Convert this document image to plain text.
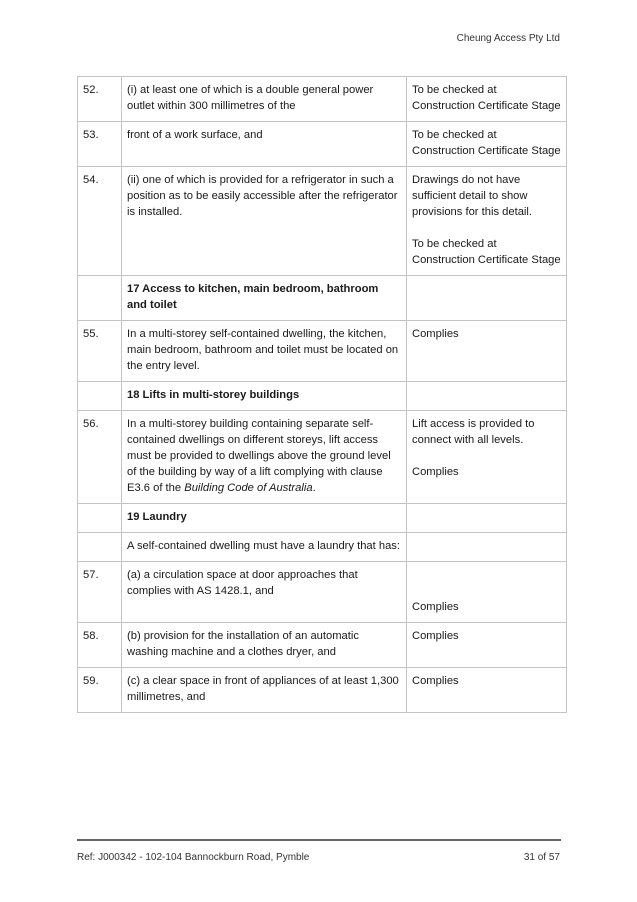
Cheung Access Pty Ltd
52.	(i) at least one of which is a double general power outlet within 300 millimetres of the	To be checked at Construction Certificate Stage

53.	front of a work surface, and	To be checked at Construction Certificate Stage

54.	(ii) one of which is provided for a refrigerator in such a position as to be easily accessible after the refrigerator is installed.	Drawings do not have sufficient detail to show provisions for this detail.
To be checked at Construction Certificate Stage

	17 Access to kitchen, main bedroom, bathroom and toilet	
55.	In a multi-storey self-contained dwelling, the kitchen, main bedroom, bathroom and toilet must be located on the entry level.	Complies

	18 Lifts in multi-storey buildings	
56.	In a multi-storey building containing separate self-contained dwellings on different storeys, lift access must be provided to dwellings above the ground level of the building by way of a lift complying with clause E3.6 of the Building Code of Australia.	Lift access is provided to connect with all levels.
Complies

	19 Laundry	
	A self-contained dwelling must have a laundry that has:	
57.	(a) a circulation space at door approaches that complies with AS 1428.1, and	Complies

58.	(b) provision for the installation of an automatic washing machine and a clothes dryer, and	Complies

59.	(c) a clear space in front of appliances of at least 1,300 millimetres, and	Complies
Ref: J000342 - 102-104 Bannockburn Road, Pymble	31 of 57
